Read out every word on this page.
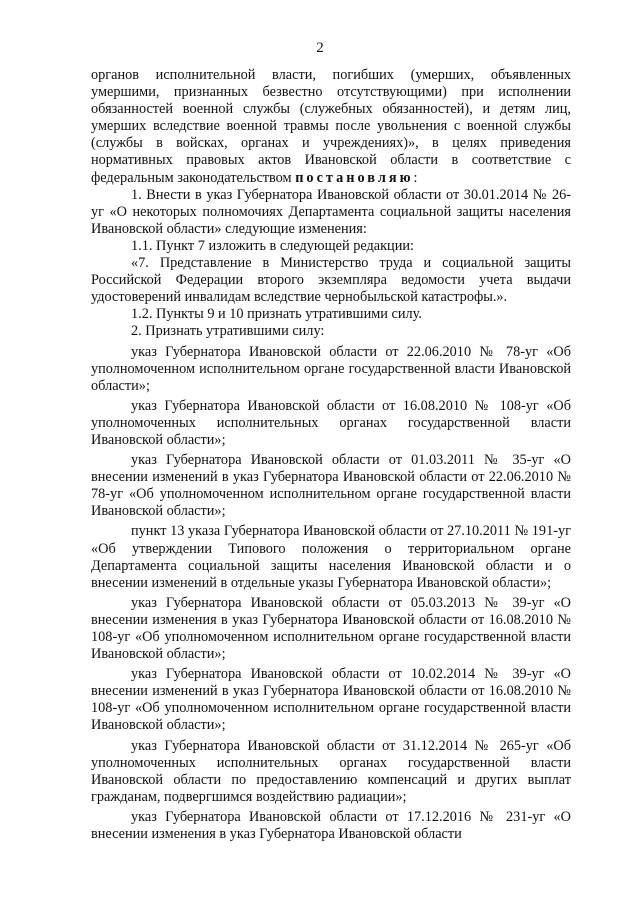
2

органов исполнительной власти, погибших (умерших, объявленных умершими, признанных безвестно отсутствующими) при исполнении обязанностей военной службы (служебных обязанностей), и детям лиц, умерших вследствие военной травмы после увольнения с военной службы (службы в войсках, органах и учреждениях)», в целях приведения нормативных правовых актов Ивановской области в соответствие с федеральным законодательством постановляю:

1. Внести в указ Губернатора Ивановской области от 30.01.2014 № 26-уг «О некоторых полномочиях Департамента социальной защиты населения Ивановской области» следующие изменения:

1.1. Пункт 7 изложить в следующей редакции:

«7. Представление в Министерство труда и социальной защиты Российской Федерации второго экземпляра ведомости учета выдачи удостоверений инвалидам вследствие чернобыльской катастрофы.».

1.2. Пункты 9 и 10 признать утратившими силу.

2. Признать утратившими силу:

указ Губернатора Ивановской области от 22.06.2010 № 78-уг «Об уполномоченном исполнительном органе государственной власти Ивановской области»;

указ Губернатора Ивановской области от 16.08.2010 № 108-уг «Об уполномоченных исполнительных органах государственной власти Ивановской области»;

указ Губернатора Ивановской области от 01.03.2011 № 35-уг «О внесении изменений в указ Губернатора Ивановской области от 22.06.2010 № 78-уг «Об уполномоченном исполнительном органе государственной власти Ивановской области»;

пункт 13 указа Губернатора Ивановской области от 27.10.2011 № 191-уг «Об утверждении Типового положения о территориальном органе Департамента социальной защиты населения Ивановской области и о внесении изменений в отдельные указы Губернатора Ивановской области»;

указ Губернатора Ивановской области от 05.03.2013 № 39-уг «О внесении изменения в указ Губернатора Ивановской области от 16.08.2010 № 108-уг «Об уполномоченном исполнительном органе государственной власти Ивановской области»;

указ Губернатора Ивановской области от 10.02.2014 № 39-уг «О внесении изменений в указ Губернатора Ивановской области от 16.08.2010 № 108-уг «Об уполномоченном исполнительном органе государственной власти Ивановской области»;

указ Губернатора Ивановской области от 31.12.2014 № 265-уг «Об уполномоченных исполнительных органах государственной власти Ивановской области по предоставлению компенсаций и других выплат гражданам, подвергшимся воздействию радиации»;

указ Губернатора Ивановской области от 17.12.2016 № 231-уг «О внесении изменения в указ Губернатора Ивановской области
